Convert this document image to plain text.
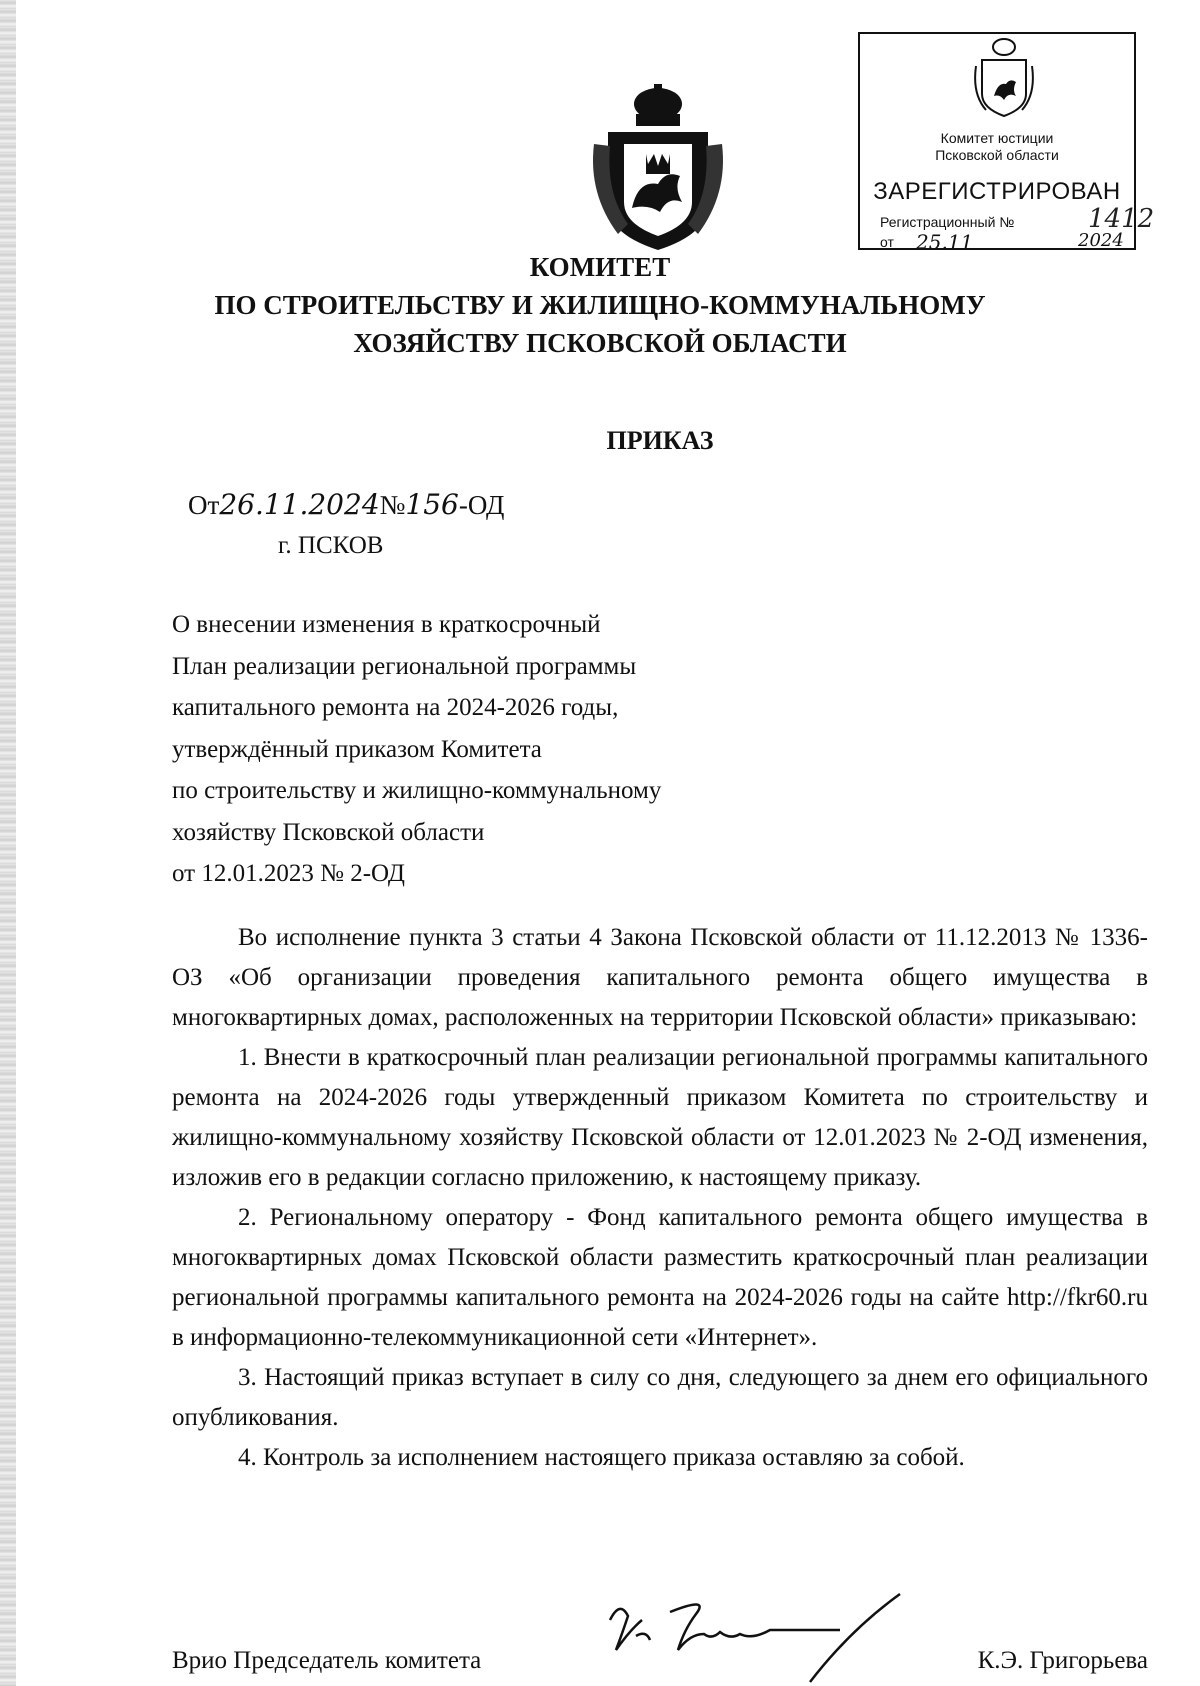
Комитет юстиции
Псковской области
ЗАРЕГИСТРИРОВАН
Регистрационный №	1412
от 25.11	2024
КОМИТЕТ
ПО СТРОИТЕЛЬСТВУ И ЖИЛИЩНО-КОММУНАЛЬНОМУ
ХОЗЯЙСТВУ ПСКОВСКОЙ ОБЛАСТИ
ПРИКАЗ
От26.11.2024№156-ОД
г. ПСКОВ
О внесении изменения в краткосрочный
План реализации региональной программы
капитального ремонта на 2024-2026 годы,
утверждённый приказом Комитета
по строительству и жилищно-коммунальному
хозяйству Псковской области
от 12.01.2023 № 2-ОД

Во исполнение пункта 3 статьи 4 Закона Псковской области от 11.12.2013 № 1336-ОЗ «Об организации проведения капитального ремонта общего имущества в многоквартирных домах, расположенных на территории Псковской области» приказываю:

1. Внести в краткосрочный план реализации региональной программы капитального ремонта на 2024-2026 годы утвержденный приказом Комитета по строительству и жилищно-коммунальному хозяйству Псковской области от 12.01.2023 № 2-ОД изменения, изложив его в редакции согласно приложению, к настоящему приказу.

2. Региональному оператору - Фонд капитального ремонта общего имущества в многоквартирных домах Псковской области разместить краткосрочный план реализации региональной программы капитального ремонта на 2024-2026 годы на сайте http://fkr60.ru в информационно-телекоммуникационной сети «Интернет».

3. Настоящий приказ вступает в силу со дня, следующего за днем его официального опубликования.

4. Контроль за исполнением настоящего приказа оставляю за собой.

Врио Председатель комитета	К.Э. Григорьева
